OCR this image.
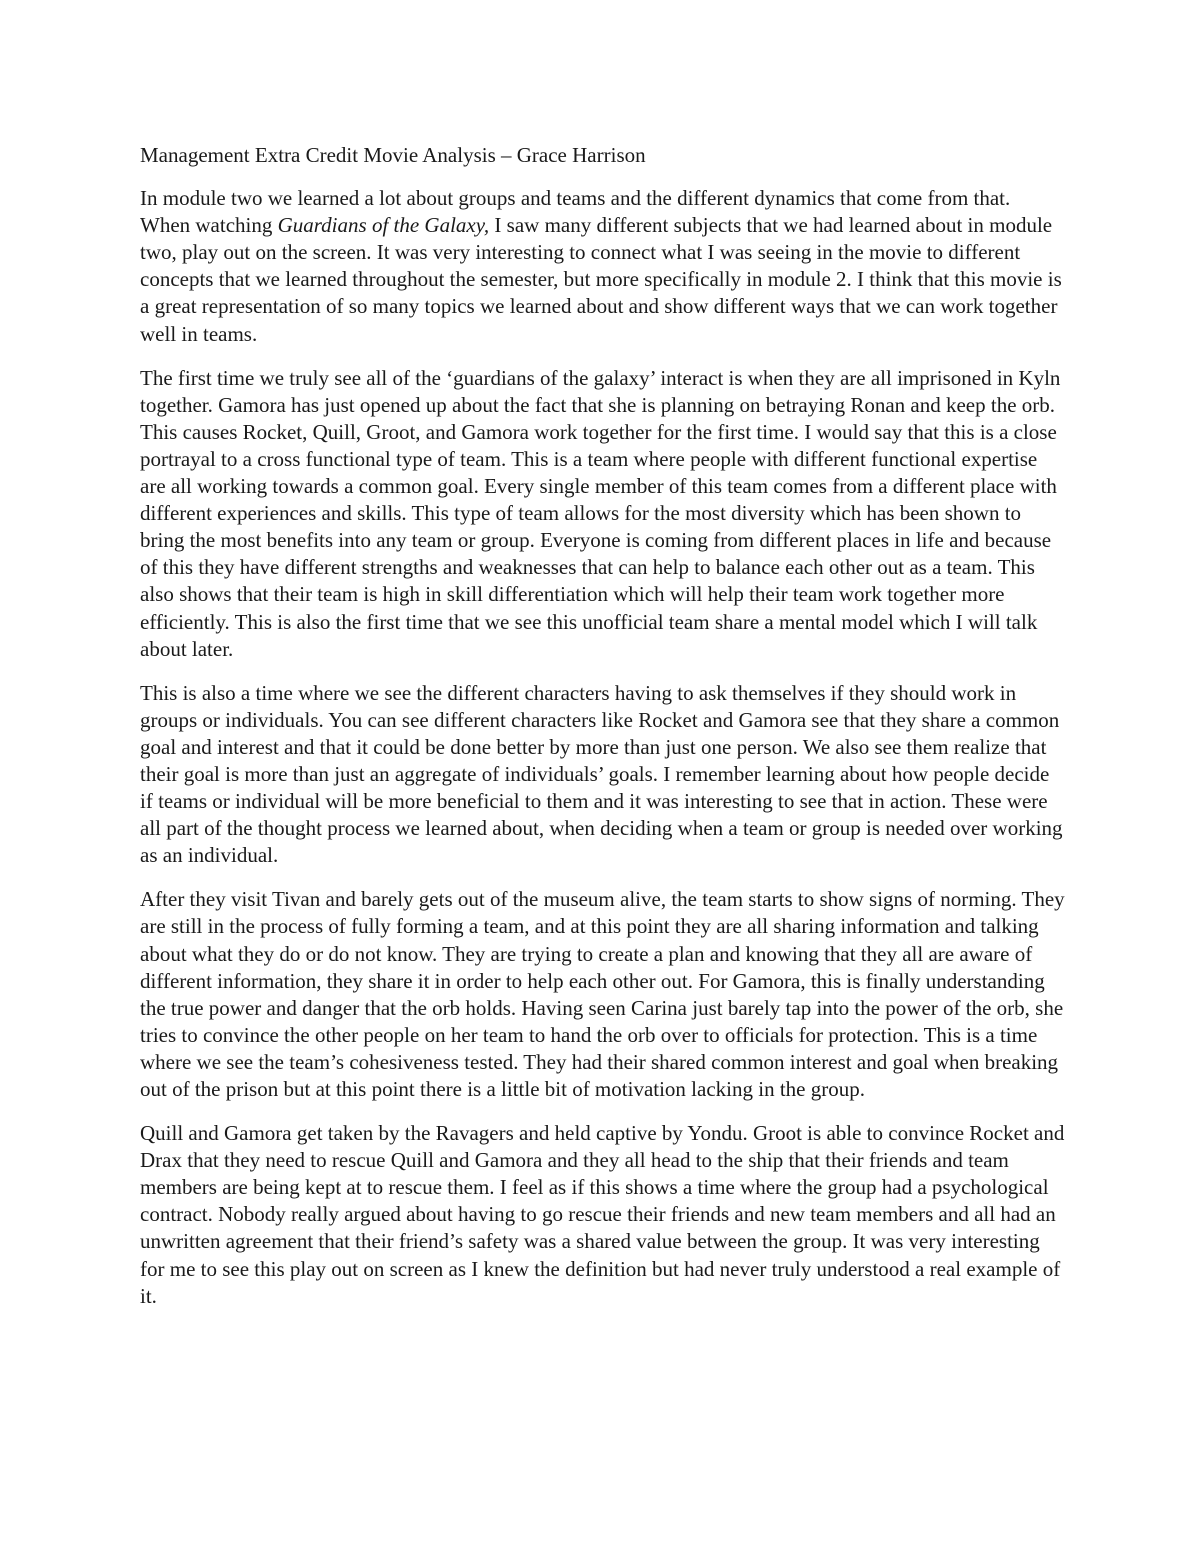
Management Extra Credit Movie Analysis – Grace Harrison

In module two we learned a lot about groups and teams and the different dynamics that come from that. When watching Guardians of the Galaxy, I saw many different subjects that we had learned about in module two, play out on the screen. It was very interesting to connect what I was seeing in the movie to different concepts that we learned throughout the semester, but more specifically in module 2. I think that this movie is a great representation of so many topics we learned about and show different ways that we can work together well in teams.

The first time we truly see all of the ‘guardians of the galaxy’ interact is when they are all imprisoned in Kyln together. Gamora has just opened up about the fact that she is planning on betraying Ronan and keep the orb. This causes Rocket, Quill, Groot, and Gamora work together for the first time. I would say that this is a close portrayal to a cross functional type of team. This is a team where people with different functional expertise are all working towards a common goal. Every single member of this team comes from a different place with different experiences and skills. This type of team allows for the most diversity which has been shown to bring the most benefits into any team or group. Everyone is coming from different places in life and because of this they have different strengths and weaknesses that can help to balance each other out as a team. This also shows that their team is high in skill differentiation which will help their team work together more efficiently. This is also the first time that we see this unofficial team share a mental model which I will talk about later.

This is also a time where we see the different characters having to ask themselves if they should work in groups or individuals. You can see different characters like Rocket and Gamora see that they share a common goal and interest and that it could be done better by more than just one person. We also see them realize that their goal is more than just an aggregate of individuals’ goals. I remember learning about how people decide if teams or individual will be more beneficial to them and it was interesting to see that in action. These were all part of the thought process we learned about, when deciding when a team or group is needed over working as an individual.

After they visit Tivan and barely gets out of the museum alive, the team starts to show signs of norming. They are still in the process of fully forming a team, and at this point they are all sharing information and talking about what they do or do not know. They are trying to create a plan and knowing that they all are aware of different information, they share it in order to help each other out. For Gamora, this is finally understanding the true power and danger that the orb holds. Having seen Carina just barely tap into the power of the orb, she tries to convince the other people on her team to hand the orb over to officials for protection. This is a time where we see the team’s cohesiveness tested. They had their shared common interest and goal when breaking out of the prison but at this point there is a little bit of motivation lacking in the group.

Quill and Gamora get taken by the Ravagers and held captive by Yondu. Groot is able to convince Rocket and Drax that they need to rescue Quill and Gamora and they all head to the ship that their friends and team members are being kept at to rescue them. I feel as if this shows a time where the group had a psychological contract. Nobody really argued about having to go rescue their friends and new team members and all had an unwritten agreement that their friend’s safety was a shared value between the group. It was very interesting for me to see this play out on screen as I knew the definition but had never truly understood a real example of it.
